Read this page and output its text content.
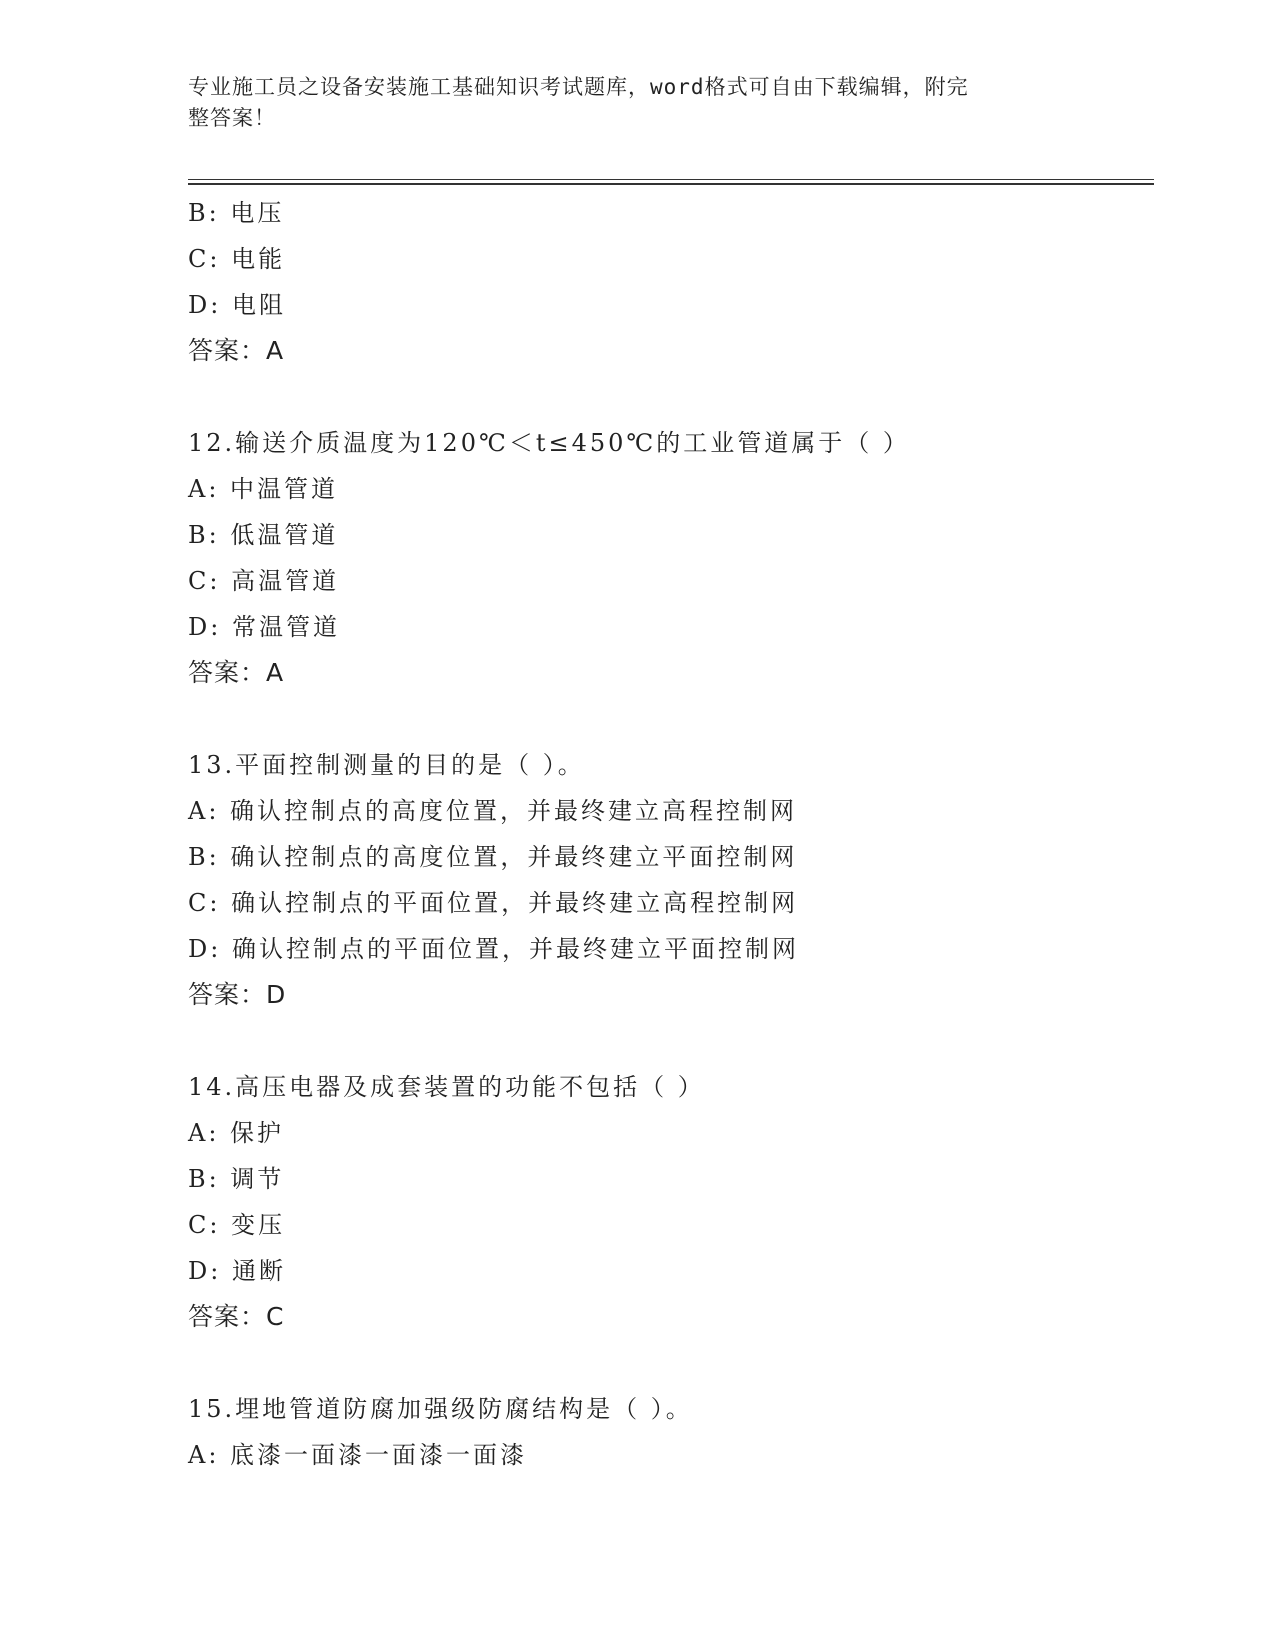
专业施工员之设备安装施工基础知识考试题库，word格式可自由下载编辑，附完
整答案！
B: 电压
C: 电能
D: 电阻
答案：A
12.输送介质温度为120℃＜t≤450℃的工业管道属于（ ）
A: 中温管道
B: 低温管道
C: 高温管道
D: 常温管道
答案：A
13.平面控制测量的目的是（ ）。
A: 确认控制点的高度位置，并最终建立高程控制网
B: 确认控制点的高度位置，并最终建立平面控制网
C: 确认控制点的平面位置，并最终建立高程控制网
D: 确认控制点的平面位置，并最终建立平面控制网
答案：D
14.高压电器及成套装置的功能不包括（ ）
A: 保护
B: 调节
C: 变压
D: 通断
答案：C
15.埋地管道防腐加强级防腐结构是（ ）。
A: 底漆一面漆一面漆一面漆
